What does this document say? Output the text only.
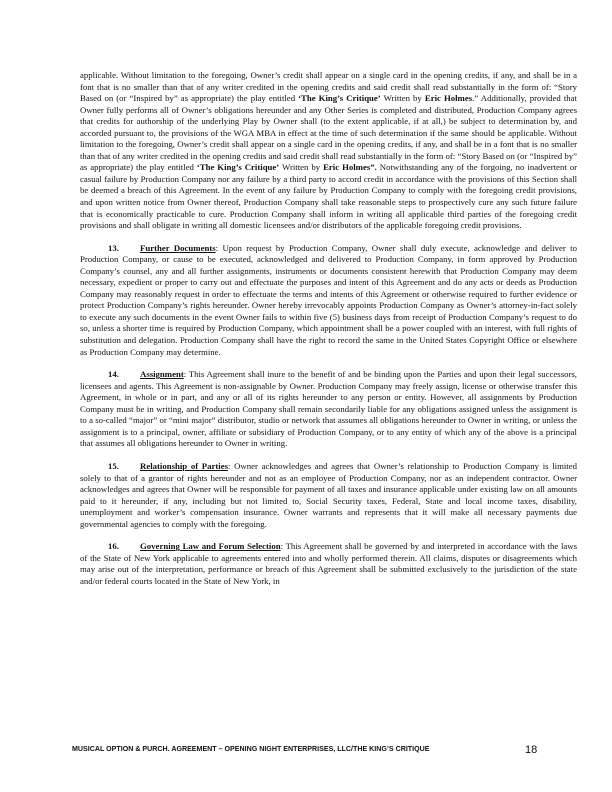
applicable. Without limitation to the foregoing, Owner’s credit shall appear on a single card in the opening credits, if any, and shall be in a font that is no smaller than that of any writer credited in the opening credits and said credit shall read substantially in the form of: “Story Based on (or “Inspired by” as appropriate) the play entitled ‘The King’s Critique’ Written by Eric Holmes.” Additionally, provided that Owner fully performs all of Owner’s obligations hereunder and any Other Series is completed and distributed, Production Company agrees that credits for authorship of the underlying Play by Owner shall (to the extent applicable, if at all,) be subject to determination by, and accorded pursuant to, the provisions of the WGA MBA in effect at the time of such determination if the same should be applicable. Without limitation to the foregoing, Owner’s credit shall appear on a single card in the opening credits, if any, and shall be in a font that is no smaller than that of any writer credited in the opening credits and said credit shall read substantially in the form of: “Story Based on (or “Inspired by” as appropriate) the play entitled ‘The King’s Critique’ Written by Eric Holmes”. Notwithstanding any of the forgoing, no inadvertent or casual failure by Production Company nor any failure by a third party to accord credit in accordance with the provisions of this Section shall be deemed a breach of this Agreement. In the event of any failure by Production Company to comply with the foregoing credit provisions, and upon written notice from Owner thereof, Production Company shall take reasonable steps to prospectively cure any such future failure that is economically practicable to cure. Production Company shall inform in writing all applicable third parties of the foregoing credit provisions and shall obligate in writing all domestic licensees and/or distributors of the applicable foregoing credit provisions.

13. Further Documents: Upon request by Production Company, Owner shall duly execute, acknowledge and deliver to Production Company, or cause to be executed, acknowledged and delivered to Production Company, in form approved by Production Company’s counsel, any and all further assignments, instruments or documents consistent herewith that Production Company may deem necessary, expedient or proper to carry out and effectuate the purposes and intent of this Agreement and do any acts or deeds as Production Company may reasonably request in order to effectuate the terms and intents of this Agreement or otherwise required to further evidence or protect Production Company’s rights hereunder. Owner hereby irrevocably appoints Production Company as Owner’s attorney-in-fact solely to execute any such documents in the event Owner fails to within five (5) business days from receipt of Production Company’s request to do so, unless a shorter time is required by Production Company, which appointment shall be a power coupled with an interest, with full rights of substitution and delegation. Production Company shall have the right to record the same in the United States Copyright Office or elsewhere as Production Company may determine.

14. Assignment: This Agreement shall inure to the benefit of and be binding upon the Parties and upon their legal successors, licensees and agents. This Agreement is non-assignable by Owner. Production Company may freely assign, license or otherwise transfer this Agreement, in whole or in part, and any or all of its rights hereunder to any person or entity. However, all assignments by Production Company must be in writing, and Production Company shall remain secondarily liable for any obligations assigned unless the assignment is to a so-called “major” or “mini major” distributor, studio or network that assumes all obligations hereunder to Owner in writing, or unless the assignment is to a principal, owner, affiliate or subsidiary of Production Company, or to any entity of which any of the above is a principal that assumes all obligations hereunder to Owner in writing.

15. Relationship of Parties: Owner acknowledges and agrees that Owner’s relationship to Production Company is limited solely to that of a grantor of rights hereunder and not as an employee of Production Company, nor as an independent contractor. Owner acknowledges and agrees that Owner will be responsible for payment of all taxes and insurance applicable under existing law on all amounts paid to it hereunder, if any, including but not limited to, Social Security taxes, Federal, State and local income taxes, disability, unemployment and worker’s compensation insurance. Owner warrants and represents that it will make all necessary payments due governmental agencies to comply with the foregoing.

16. Governing Law and Forum Selection: This Agreement shall be governed by and interpreted in accordance with the laws of the State of New York applicable to agreements entered into and wholly performed therein. All claims, disputes or disagreements which may arise out of the interpretation, performance or breach of this Agreement shall be submitted exclusively to the jurisdiction of the state and/or federal courts located in the State of New York, in

MUSICAL OPTION & PURCH. AGREEMENT – OPENING NIGHT ENTERPRISES, LLC/THE KING’S CRITIQUE	18
